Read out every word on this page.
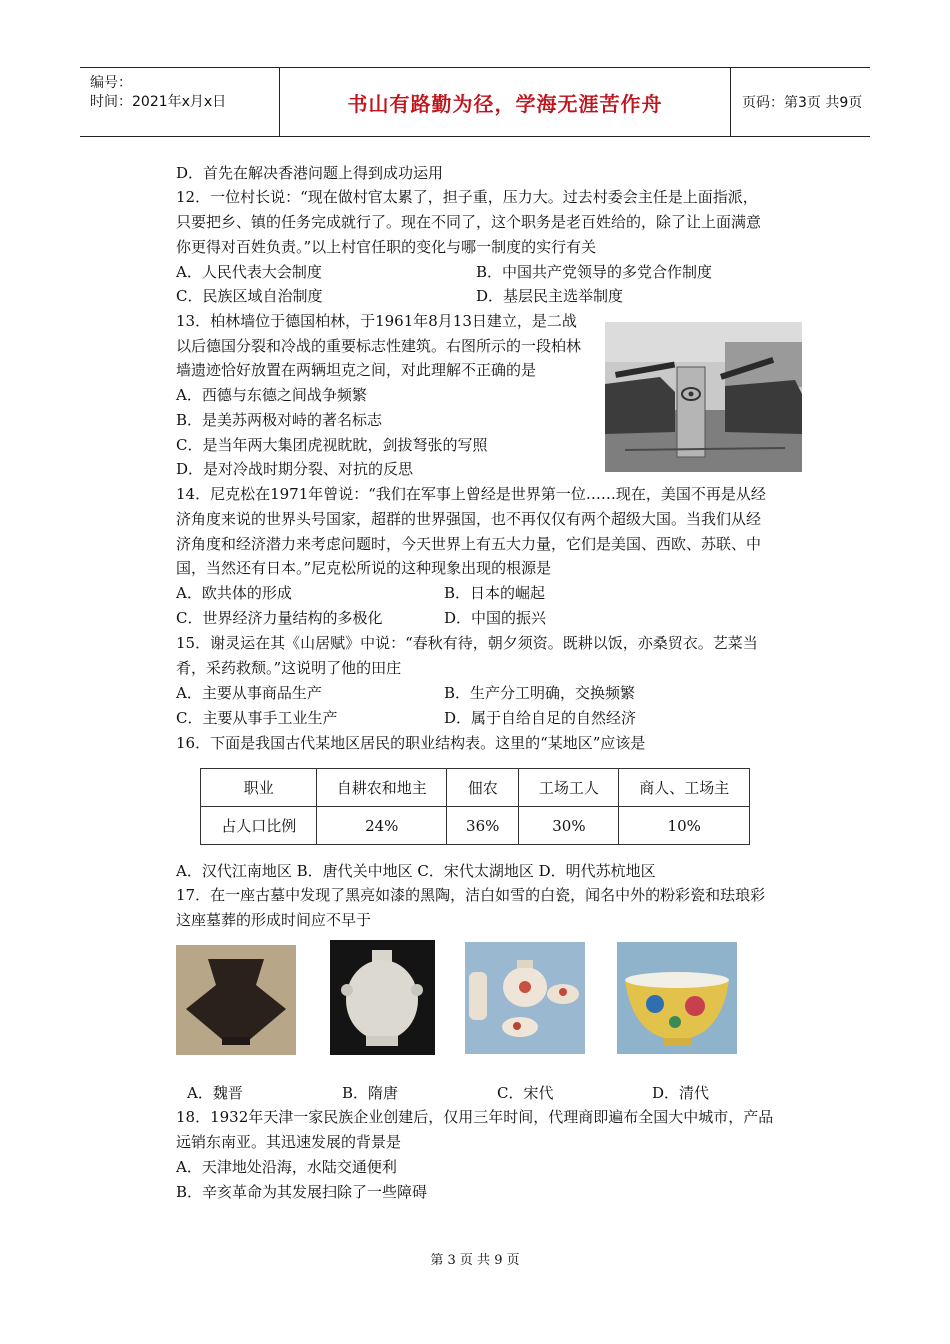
编号：
时间：2021年x月x日	书山有路勤为径，学海无涯苦作舟	页码：第3页 共9页
D．首先在解决香港问题上得到成功运用
12．一位村长说：“现在做村官太累了，担子重，压力大。过去村委会主任是上面指派，
只要把乡、镇的任务完成就行了。现在不同了，这个职务是老百姓给的，除了让上面满意
你更得对百姓负责。”以上村官任职的变化与哪一制度的实行有关
A．人民代表大会制度	B．中国共产党领导的多党合作制度
C．民族区域自治制度	D．基层民主选举制度
13．柏林墙位于德国柏林，于1961年8月13日建立，是二战
以后德国分裂和冷战的重要标志性建筑。右图所示的一段柏林
墙遗迹恰好放置在两辆坦克之间，对此理解不正确的是
A．西德与东德之间战争频繁
B．是美苏两极对峙的著名标志
C．是当年两大集团虎视眈眈，剑拔弩张的写照
D．是对冷战时期分裂、对抗的反思
14．尼克松在1971年曾说：“我们在军事上曾经是世界第一位……现在，美国不再是从经
济角度来说的世界头号国家，超群的世界强国，也不再仅仅有两个超级大国。当我们从经
济角度和经济潜力来考虑问题时，今天世界上有五大力量，它们是美国、西欧、苏联、中
国，当然还有日本。”尼克松所说的这种现象出现的根源是
A．欧共体的形成	B．日本的崛起
C．世界经济力量结构的多极化	D．中国的振兴
15．谢灵运在其《山居赋》中说：“春秋有待，朝夕须资。既耕以饭，亦桑贸衣。艺菜当
肴，采药救颓。”这说明了他的田庄
A．主要从事商品生产	B．生产分工明确，交换频繁
C．主要从事手工业生产	D．属于自给自足的自然经济
16．下面是我国古代某地区居民的职业结构表。这里的“某地区”应该是
职业	自耕农和地主	佃农	工场工人	商人、工场主
占人口比例	24%	36%	30%	10%
A．汉代江南地区 B．唐代关中地区 C．宋代太湖地区 D．明代苏杭地区
17．在一座古墓中发现了黑亮如漆的黑陶，洁白如雪的白瓷，闻名中外的粉彩瓷和珐琅彩
这座墓葬的形成时间应不早于
A．魏晋	B．隋唐	C．宋代	D．清代
18．1932年天津一家民族企业创建后，仅用三年时间，代理商即遍布全国大中城市，产品
远销东南亚。其迅速发展的背景是
A．天津地处沿海，水陆交通便利
B．辛亥革命为其发展扫除了一些障碍
第 3 页 共 9 页
